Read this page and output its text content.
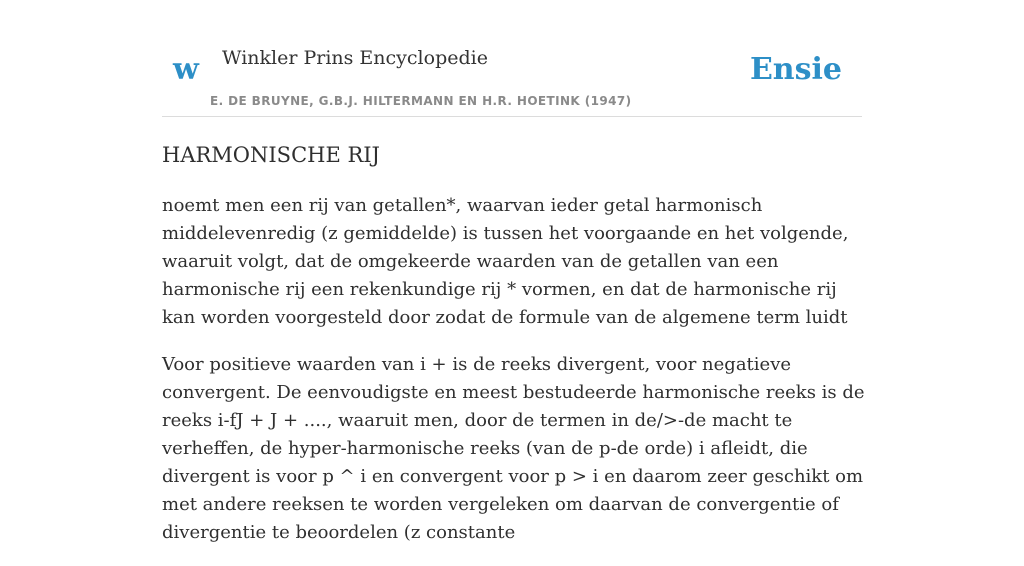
w Winkler Prins Encyclopedie
E. DE BRUYNE, G.B.J. HILTERMANN EN H.R. HOETINK (1947)
Ensie
HARMONISCHE RIJ

noemt men een rij van getallen*, waarvan ieder getal harmonisch middelevenredig (z gemiddelde) is tussen het voorgaande en het volgende, waaruit volgt, dat de omgekeerde waarden van de getallen van een harmonische rij een rekenkundige rij * vormen, en dat de harmonische rij kan worden voorgesteld door zodat de formule van de algemene term luidt

Voor positieve waarden van i + is de reeks divergent, voor negatieve convergent. De eenvoudigste en meest bestudeerde harmonische reeks is de reeks i-fJ + J + ...., waaruit men, door de termen in de/>-de macht te verheffen, de hyper-harmonische reeks (van de p-de orde) i afleidt, die divergent is voor p ^ i en convergent voor p > i en daarom zeer geschikt om met andere reeksen te worden vergeleken om daarvan de convergentie of divergentie te beoordelen (z constante
